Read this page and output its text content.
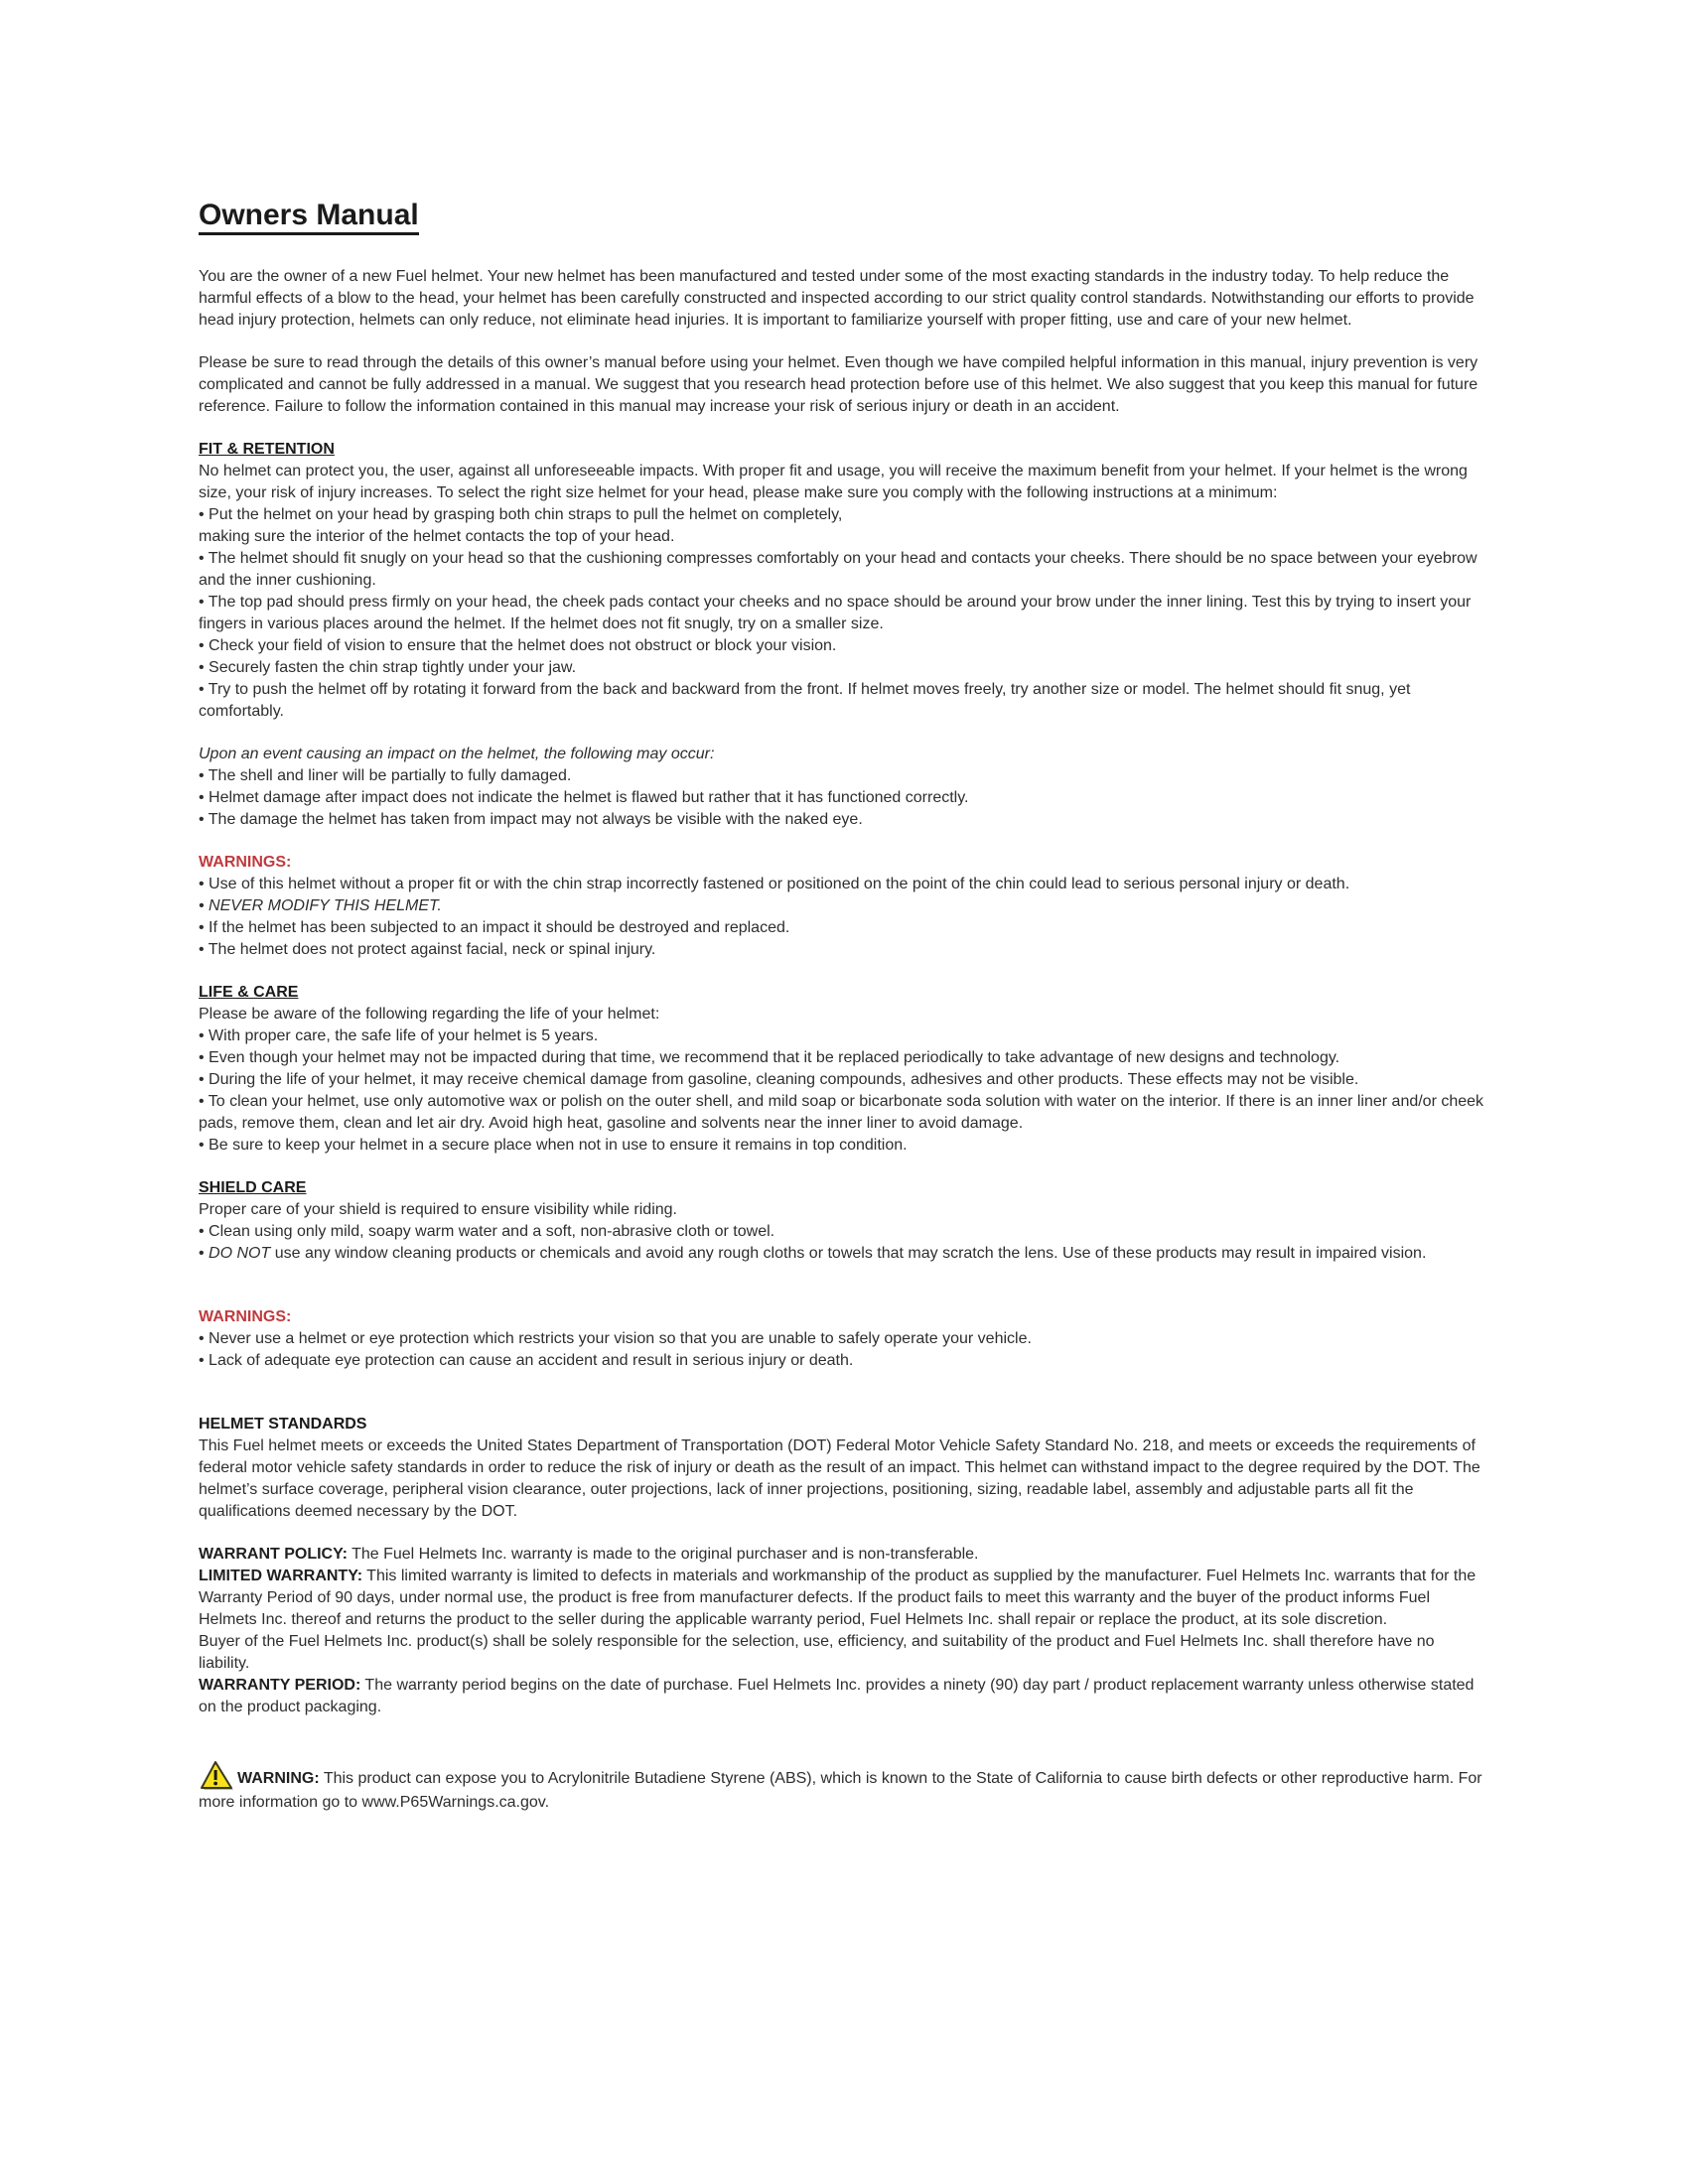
Owners Manual

You are the owner of a new Fuel helmet. Your new helmet has been manufactured and tested under some of the most exacting standards in the industry today. To help reduce the harmful effects of a blow to the head, your helmet has been carefully constructed and inspected according to our strict quality control standards. Notwithstanding our efforts to provide head injury protection, helmets can only reduce, not eliminate head injuries. It is important to familiarize yourself with proper fitting, use and care of your new helmet.

Please be sure to read through the details of this owner’s manual before using your helmet. Even though we have compiled helpful information in this manual, injury prevention is very complicated and cannot be fully addressed in a manual. We suggest that you research head protection before use of this helmet. We also suggest that you keep this manual for future reference. Failure to follow the information contained in this manual may increase your risk of serious injury or death in an accident.

FIT & RETENTION

No helmet can protect you, the user, against all unforeseeable impacts. With proper fit and usage, you will receive the maximum benefit from your helmet. If your helmet is the wrong size, your risk of injury increases. To select the right size helmet for your head, please make sure you comply with the following instructions at a minimum:

• Put the helmet on your head by grasping both chin straps to pull the helmet on completely,

making sure the interior of the helmet contacts the top of your head.

• The helmet should fit snugly on your head so that the cushioning compresses comfortably on your head and contacts your cheeks. There should be no space between your eyebrow and the inner cushioning.

• The top pad should press firmly on your head, the cheek pads contact your cheeks and no space should be around your brow under the inner lining. Test this by trying to insert your fingers in various places around the helmet. If the helmet does not fit snugly, try on a smaller size.

• Check your field of vision to ensure that the helmet does not obstruct or block your vision.

• Securely fasten the chin strap tightly under your jaw.

• Try to push the helmet off by rotating it forward from the back and backward from the front. If helmet moves freely, try another size or model. The helmet should fit snug, yet comfortably.

Upon an event causing an impact on the helmet, the following may occur:

• The shell and liner will be partially to fully damaged.

• Helmet damage after impact does not indicate the helmet is flawed but rather that it has functioned correctly.

• The damage the helmet has taken from impact may not always be visible with the naked eye.

WARNINGS:

• Use of this helmet without a proper fit or with the chin strap incorrectly fastened or positioned on the point of the chin could lead to serious personal injury or death.

• NEVER MODIFY THIS HELMET.

• If the helmet has been subjected to an impact it should be destroyed and replaced.

• The helmet does not protect against facial, neck or spinal injury.

LIFE & CARE

Please be aware of the following regarding the life of your helmet:

• With proper care, the safe life of your helmet is 5 years.

• Even though your helmet may not be impacted during that time, we recommend that it be replaced periodically to take advantage of new designs and technology.

• During the life of your helmet, it may receive chemical damage from gasoline, cleaning compounds, adhesives and other products. These effects may not be visible.

• To clean your helmet, use only automotive wax or polish on the outer shell, and mild soap or bicarbonate soda solution with water on the interior. If there is an inner liner and/or cheek pads, remove them, clean and let air dry. Avoid high heat, gasoline and solvents near the inner liner to avoid damage.

• Be sure to keep your helmet in a secure place when not in use to ensure it remains in top condition.

SHIELD CARE

Proper care of your shield is required to ensure visibility while riding.

• Clean using only mild, soapy warm water and a soft, non-abrasive cloth or towel.

• DO NOT use any window cleaning products or chemicals and avoid any rough cloths or towels that may scratch the lens. Use of these products may result in impaired vision.

WARNINGS:

• Never use a helmet or eye protection which restricts your vision so that you are unable to safely operate your vehicle.

• Lack of adequate eye protection can cause an accident and result in serious injury or death.

HELMET STANDARDS

This Fuel helmet meets or exceeds the United States Department of Transportation (DOT) Federal Motor Vehicle Safety Standard No. 218, and meets or exceeds the requirements of federal motor vehicle safety standards in order to reduce the risk of injury or death as the result of an impact. This helmet can withstand impact to the degree required by the DOT. The helmet’s surface coverage, peripheral vision clearance, outer projections, lack of inner projections, positioning, sizing, readable label, assembly and adjustable parts all fit the qualifications deemed necessary by the DOT.

WARRANT POLICY: The Fuel Helmets Inc. warranty is made to the original purchaser and is non-transferable.

LIMITED WARRANTY: This limited warranty is limited to defects in materials and workmanship of the product as supplied by the manufacturer. Fuel Helmets Inc. warrants that for the Warranty Period of 90 days, under normal use, the product is free from manufacturer defects. If the product fails to meet this warranty and the buyer of the product informs Fuel Helmets Inc. thereof and returns the product to the seller during the applicable warranty period, Fuel Helmets Inc. shall repair or replace the product, at its sole discretion.

Buyer of the Fuel Helmets Inc. product(s) shall be solely responsible for the selection, use, efficiency, and suitability of the product and Fuel Helmets Inc. shall therefore have no liability.

WARRANTY PERIOD: The warranty period begins on the date of purchase. Fuel Helmets Inc. provides a ninety (90) day part / product replacement warranty unless otherwise stated on the product packaging.

WARNING: This product can expose you to Acrylonitrile Butadiene Styrene (ABS), which is known to the State of California to cause birth defects or other reproductive harm. For more information go to www.P65Warnings.ca.gov.
